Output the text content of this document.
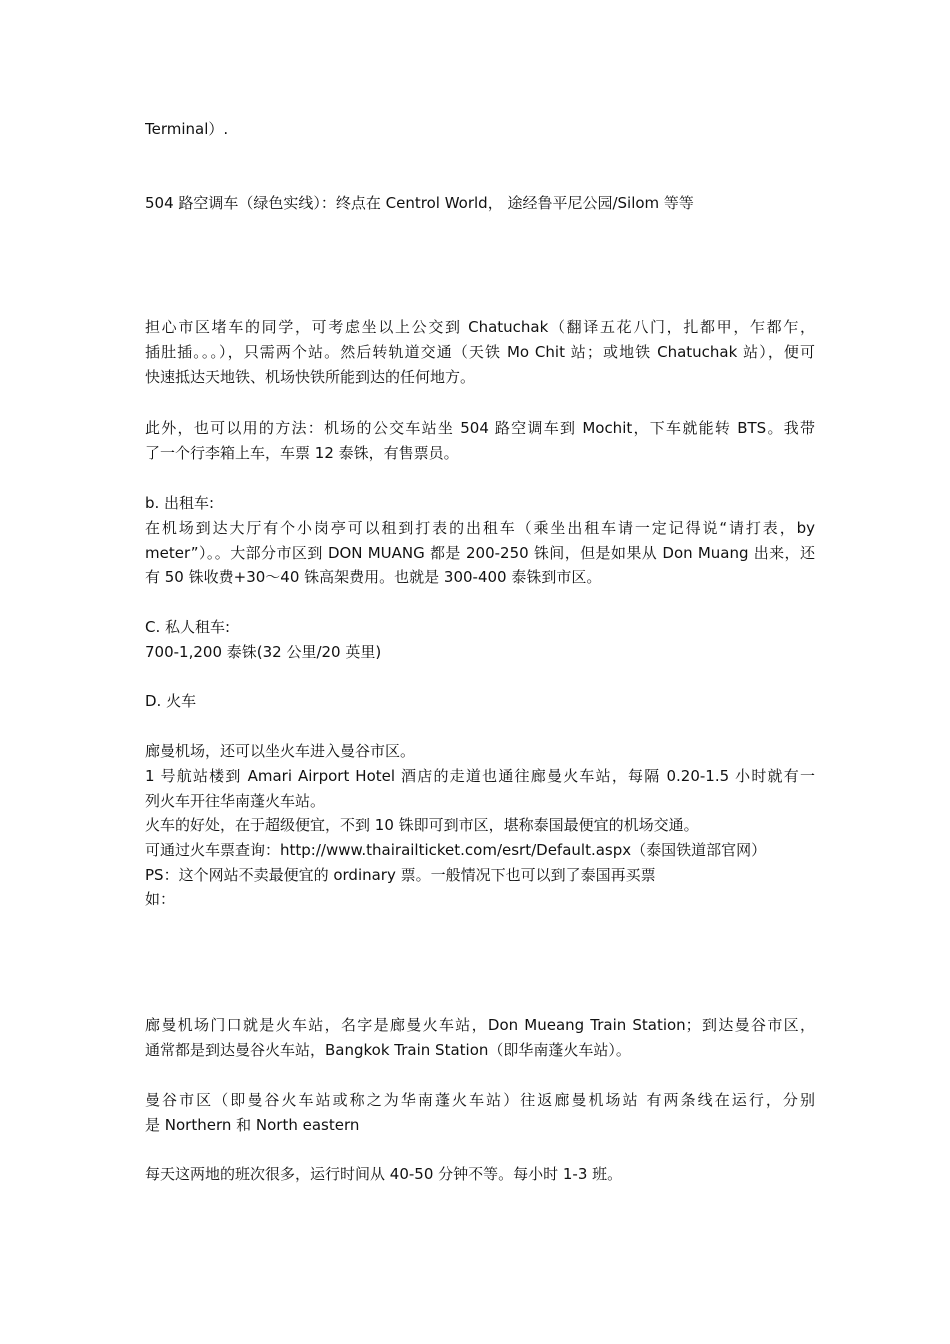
Terminal）.
504 路空调车（绿色实线）：终点在 Centrol World， 途经鲁平尼公园/Silom 等等
担心市区堵车的同学，可考虑坐以上公交到 Chatuchak（翻译五花八门，扎都甲，乍都乍，
插肚插。。。），只需两个站。然后转轨道交通（天铁 Mo Chit 站；或地铁 Chatuchak 站），便可
快速抵达天地铁、机场快铁所能到达的任何地方。
此外，也可以用的方法：机场的公交车站坐 504 路空调车到 Mochit，下车就能转 BTS。我带
了一个行李箱上车，车票 12 泰铢，有售票员。
b. 出租车:
在机场到达大厅有个小岗亭可以租到打表的出租车（乘坐出租车请一定记得说“请打表，by
meter”）。。大部分市区到 DON MUANG 都是 200-250 铢间，但是如果从 Don Muang 出来，还
有 50 铢收费+30～40 铢高架费用。也就是 300-400 泰铢到市区。
C. 私人租车:
700-1,200 泰铢(32 公里/20 英里)
D. 火车
廊曼机场，还可以坐火车进入曼谷市区。
1 号航站楼到 Amari Airport Hotel 酒店的走道也通往廊曼火车站，每隔 0.20-1.5 小时就有一
列火车开往华南蓬火车站。
火车的好处，在于超级便宜，不到 10 铢即可到市区，堪称泰国最便宜的机场交通。
可通过火车票查询：http://www.thairailticket.com/esrt/Default.aspx（泰国铁道部官网）
PS：这个网站不卖最便宜的 ordinary 票。一般情况下也可以到了泰国再买票
如：
廊曼机场门口就是火车站，名字是廊曼火车站，Don Mueang Train Station；到达曼谷市区，
通常都是到达曼谷火车站，Bangkok Train Station（即华南蓬火车站）。
曼谷市区（即曼谷火车站或称之为华南蓬火车站）往返廊曼机场站 有两条线在运行，分别
是 Northern 和 North eastern
每天这两地的班次很多，运行时间从 40-50 分钟不等。每小时 1-3 班。
